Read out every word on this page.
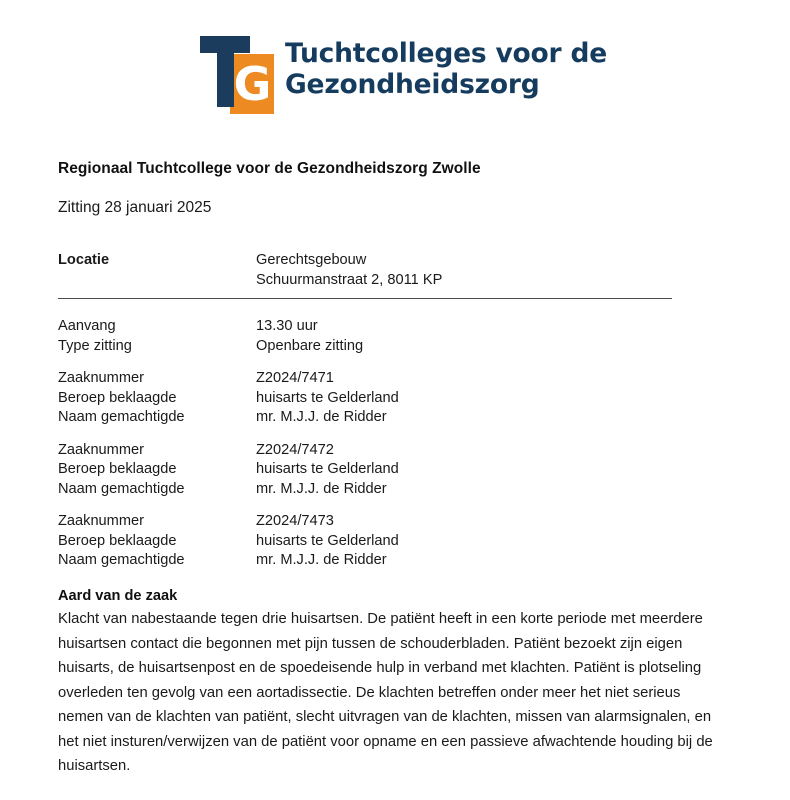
G
Tuchtcolleges voor de
Gezondheidszorg
Regionaal Tuchtcollege voor de Gezondheidszorg Zwolle
Zitting 28 januari 2025
Locatie	Gerechtsgebouw
Schuurmanstraat 2, 8011 KP
Aanvang	13.30 uur
Type zitting	Openbare zitting
Zaaknummer	Z2024/7471
Beroep beklaagde	huisarts te Gelderland
Naam gemachtigde	mr. M.J.J. de Ridder
Zaaknummer	Z2024/7472
Beroep beklaagde	huisarts te Gelderland
Naam gemachtigde	mr. M.J.J. de Ridder
Zaaknummer	Z2024/7473
Beroep beklaagde	huisarts te Gelderland
Naam gemachtigde	mr. M.J.J. de Ridder
Aard van de zaak
Klacht van nabestaande tegen drie huisartsen. De patiënt heeft in een korte periode met meerdere huisartsen contact die begonnen met pijn tussen de schouderbladen. Patiënt bezoekt zijn eigen huisarts, de huisartsenpost en de spoedeisende hulp in verband met klachten. Patiënt is plotseling overleden ten gevolg van een aortadissectie. De klachten betreffen onder meer het niet serieus nemen van de klachten van patiënt, slecht uitvragen van de klachten, missen van alarmsignalen, en het niet insturen/verwijzen van de patiënt voor opname en een passieve afwachtende houding bij de huisartsen.
